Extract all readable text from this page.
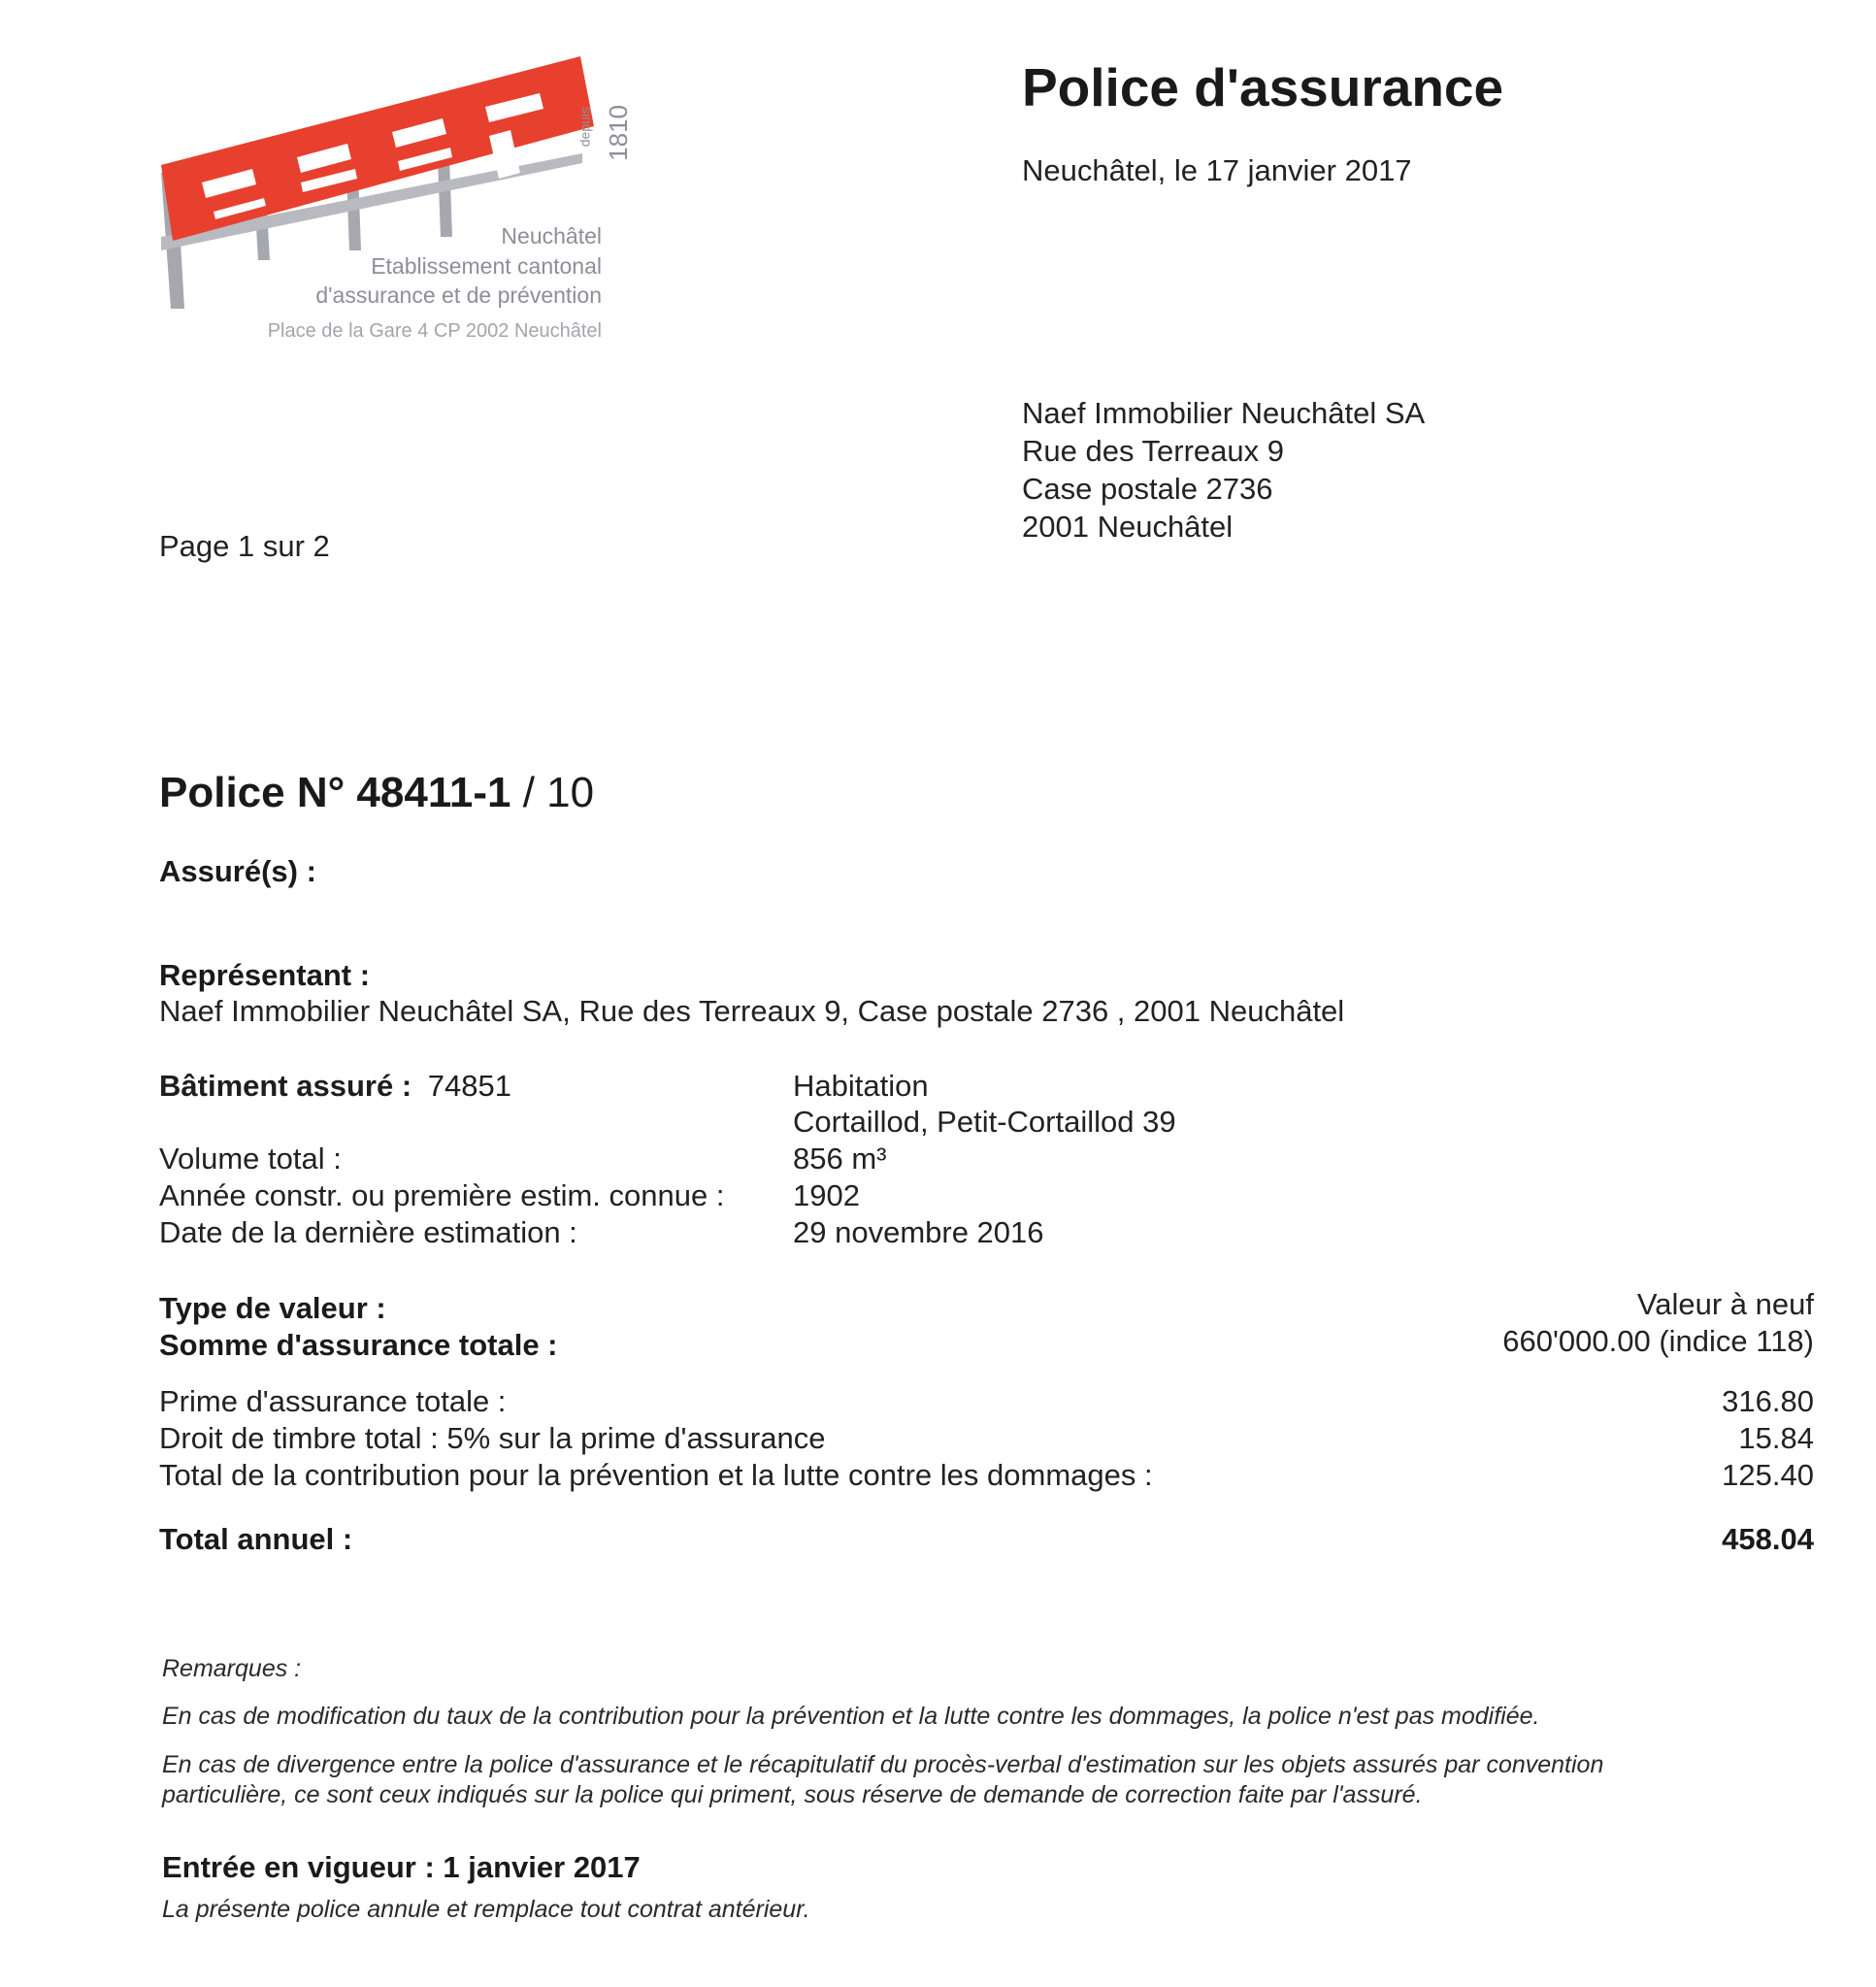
depuis 1810
Neuchâtel
Etablissement cantonal
d'assurance et de prévention
Place de la Gare 4 CP 2002 Neuchâtel
Police d'assurance
Neuchâtel, le 17 janvier 2017
Naef Immobilier Neuchâtel SA
Rue des Terreaux 9
Case postale 2736
2001 Neuchâtel
Page 1 sur 2
Police N° 48411-1 / 10
Assuré(s) :
Représentant :
Naef Immobilier Neuchâtel SA, Rue des Terreaux 9, Case postale 2736 , 2001 Neuchâtel
Bâtiment assuré : 74851	Habitation
Cortaillod, Petit-Cortaillod 39
Volume total :	856 m³
Année constr. ou première estim. connue : 1902
Date de la dernière estimation :	29 novembre 2016
Type de valeur :	Valeur à neuf
Somme d'assurance totale :	660'000.00 (indice 118)
Prime d'assurance totale :	316.80
Droit de timbre total : 5% sur la prime d'assurance	15.84
Total de la contribution pour la prévention et la lutte contre les dommages :	125.40
Total annuel :	458.04
Remarques :
En cas de modification du taux de la contribution pour la prévention et la lutte contre les dommages, la police n'est pas modifiée.
En cas de divergence entre la police d'assurance et le récapitulatif du procès-verbal d'estimation sur les objets assurés par convention
particulière, ce sont ceux indiqués sur la police qui priment, sous réserve de demande de correction faite par l'assuré.
Entrée en vigueur : 1 janvier 2017
La présente police annule et remplace tout contrat antérieur.
